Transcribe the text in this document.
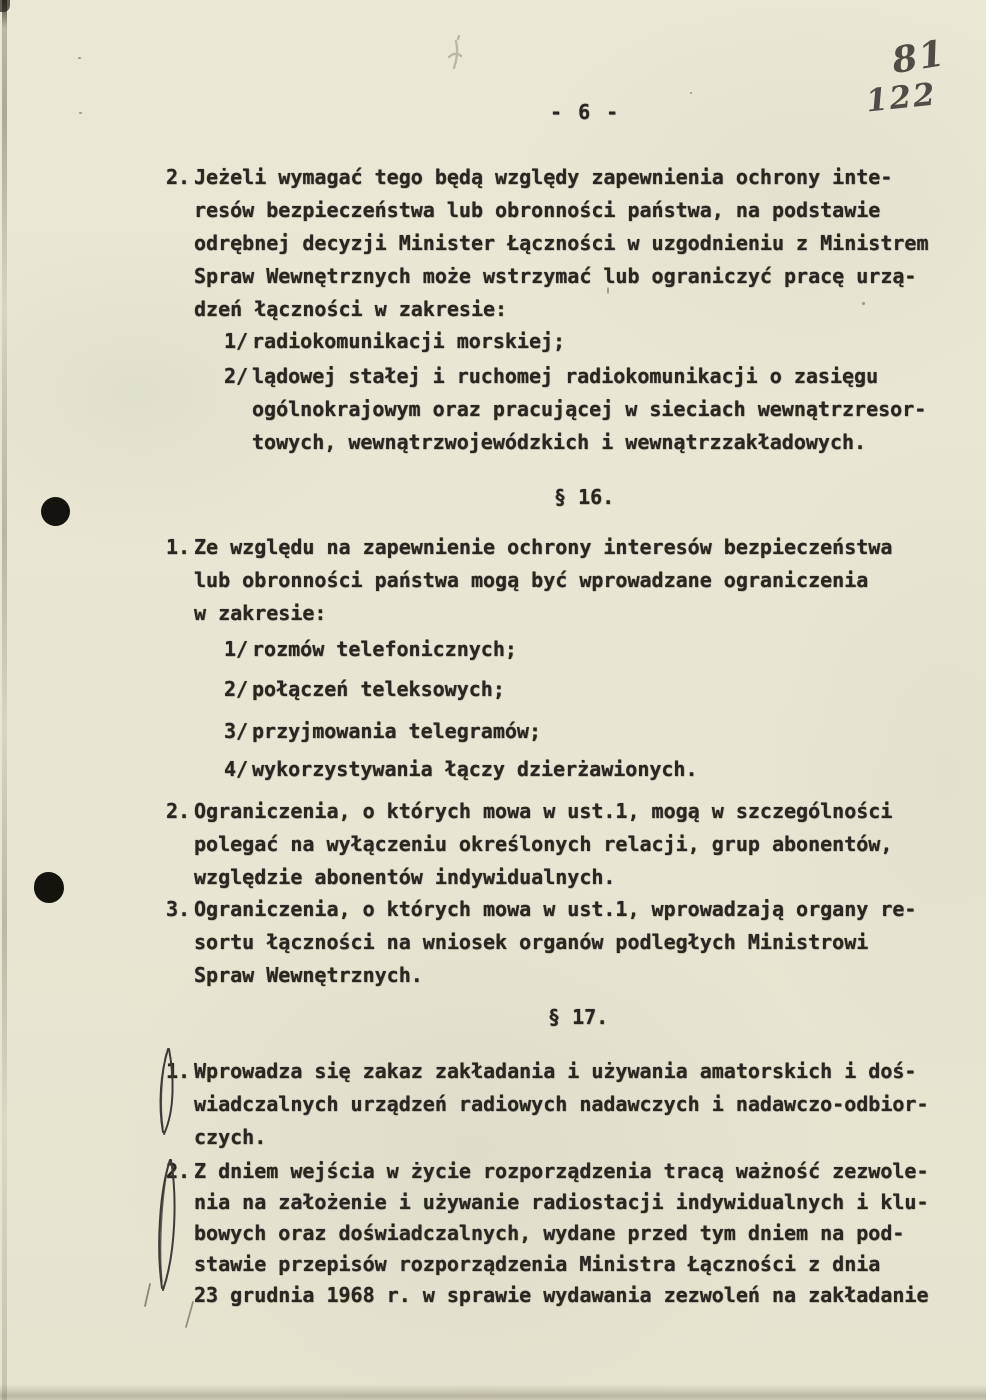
- 6 -
81
122
2. Jeżeli wymagać tego będą względy zapewnienia ochrony inte-
resów bezpieczeństwa lub obronności państwa, na podstawie
odrębnej decyzji Minister Łączności w uzgodnieniu z Ministrem
Spraw Wewnętrznych może wstrzymać lub ograniczyć pracę urzą-
dzeń łączności w zakresie:
1/ radiokomunikacji morskiej;
2/ lądowej stałej i ruchomej radiokomunikacji o zasięgu
ogólnokrajowym oraz pracującej w sieciach wewnątrzresor-
towych, wewnątrzwojewódzkich i wewnątrzzakładowych.
§ 16.
1. Ze względu na zapewnienie ochrony interesów bezpieczeństwa
lub obronności państwa mogą być wprowadzane ograniczenia
w zakresie:
1/ rozmów telefonicznych;
2/ połączeń teleksowych;
3/ przyjmowania telegramów;
4/ wykorzystywania łączy dzierżawionych.
2. Ograniczenia, o których mowa w ust.1, mogą w szczególności
polegać na wyłączeniu określonych relacji, grup abonentów,
względzie abonentów indywidualnych.
3. Ograniczenia, o których mowa w ust.1, wprowadzają organy re-
sortu łączności na wniosek organów podległych Ministrowi
Spraw Wewnętrznych.
§ 17.
1. Wprowadza się zakaz zakładania i używania amatorskich i doś-
wiadczalnych urządzeń radiowych nadawczych i nadawczo-odbior-
czych.
2. Z dniem wejścia w życie rozporządzenia tracą ważność zezwole-
nia na założenie i używanie radiostacji indywidualnych i klu-
bowych oraz doświadczalnych, wydane przed tym dniem na pod-
stawie przepisów rozporządzenia Ministra Łączności z dnia
23 grudnia 1968 r. w sprawie wydawania zezwoleń na zakładanie
